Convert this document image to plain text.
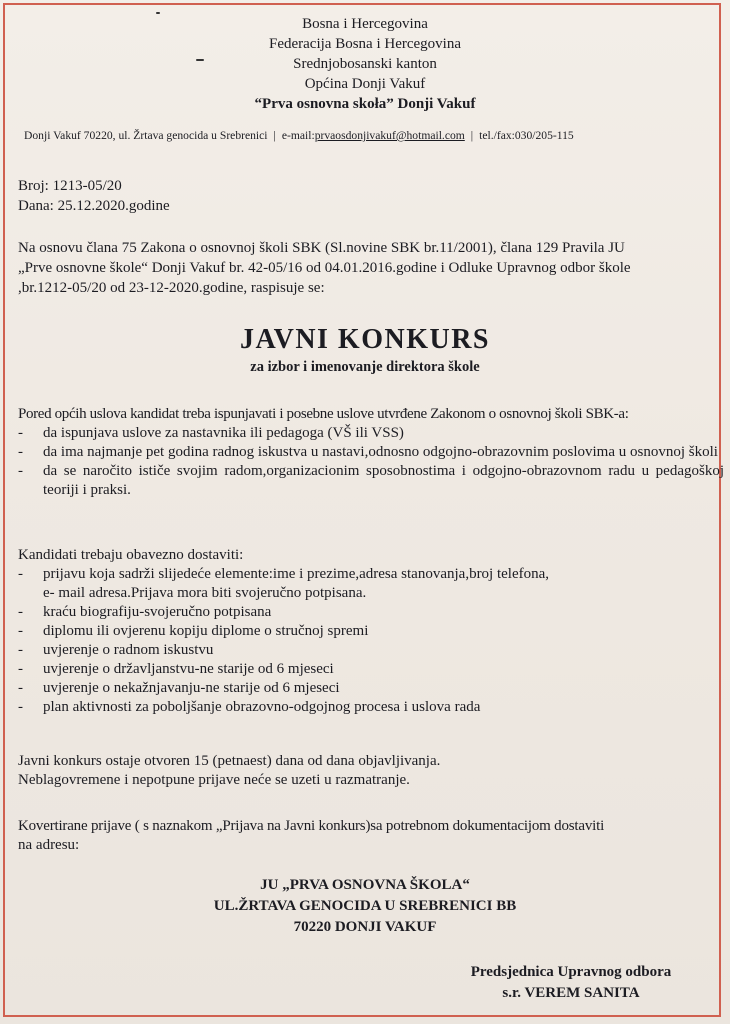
Bosna i Hercegovina
Federacija Bosna i Hercegovina
Srednjobosanski kanton
Općina Donji Vakuf
“Prva osnovna skoła” Donji Vakuf
Donji Vakuf 70220, ul. Žrtava genocida u Srebrenici | e-mail:prvaosdonjivakuf@hotmail.com | tel./fax:030/205-115
Broj: 1213-05/20
Dana: 25.12.2020.godine
Na osnovu člana 75 Zakona o osnovnoj školi SBK (Sl.novine SBK br.11/2001), člana 129 Pravila JU
„Prve osnovne škole“ Donji Vakuf br. 42-05/16 od 04.01.2016.godine i Odluke Upravnog odbor škole
,br.1212-05/20 od 23-12-2020.godine, raspisuje se:
JAVNI KONKURS
za izbor i imenovanje direktora škole

Pored općih uslova kandidat treba ispunjavati i posebne uslove utvrđene Zakonom o osnovnoj školi SBK-a:

- da ispunjava uslove za nastavnika ili pedagoga (VŠ ili VSS)
- da ima najmanje pet godina radnog iskustva u nastavi,odnosno odgojno-obrazovnim poslovima u osnovnoj školi
- da se naročito ističe svojim radom,organizacionim sposobnostima i odgojno-obrazovnom radu u pedagoškoj teoriji i praksi.

Kandidati trebaju obavezno dostaviti:

- prijavu koja sadrži slijedeće elemente:ime i prezime,adresa stanovanja,broj telefona,
e- mail adresa.Prijava mora biti svojeručno potpisana.
- kraću biografiju-svojeručno potpisana
- diplomu ili ovjerenu kopiju diplome o stručnoj spremi
- uvjerenje o radnom iskustvu
- uvjerenje o državljanstvu-ne starije od 6 mjeseci
- uvjerenje o nekažnjavanju-ne starije od 6 mjeseci
- plan aktivnosti za poboljšanje obrazovno-odgojnog procesa i uslova rada

Javni konkurs ostaje otvoren 15 (petnaest) dana od dana objavljivanja.

Neblagovremene i nepotpune prijave neće se uzeti u razmatranje.

Kovertirane prijave ( s naznakom „Prijava na Javni konkurs)sa potrebnom dokumentacijom dostaviti

na adresu:

JU „PRVA OSNOVNA ŠKOLA“
UL.ŽRTAVA GENOCIDA U SREBRENICI BB
70220 DONJI VAKUF
Predsjednica Upravnog odbora
s.r. VEREM SANITA
